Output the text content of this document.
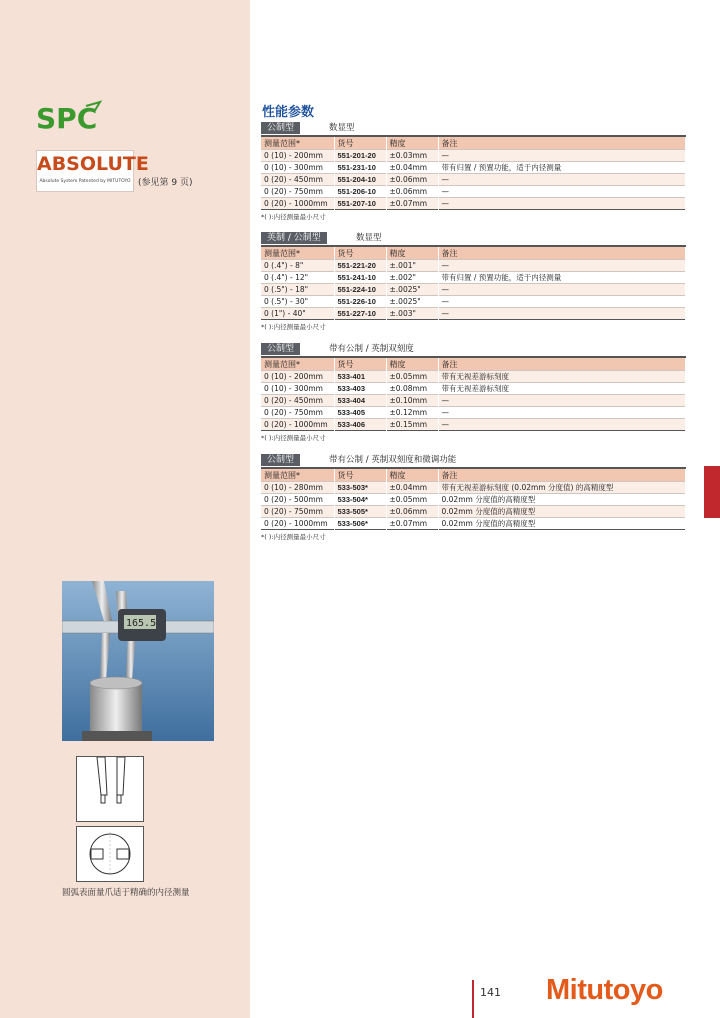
SPC
ABSOLUTE
Absolute System Patented by MITUTOYO (参见第 9 页)
165.5
圆弧表面量爪适于精确的内径测量
性能参数
公制型	数显型
测量范围*	货号	精度	备注
0 (10) - 200mm	551-201-20	±0.03mm	—
0 (10) - 300mm	551-231-10	±0.04mm	带有归置 / 预置功能，适于内径测量
0 (20) - 450mm	551-204-10	±0.06mm	—
0 (20) - 750mm	551-206-10	±0.06mm	—
0 (20) - 1000mm	551-207-10	±0.07mm	—
*( ):内径测量最小尺寸
英制 / 公制型	数显型
测量范围*	货号	精度	备注
0 (.4") - 8"	551-221-20	±.001"	—
0 (.4") - 12"	551-241-10	±.002"	带有归置 / 预置功能，适于内径测量
0 (.5") - 18"	551-224-10	±.0025"	—
0 (.5") - 30"	551-226-10	±.0025"	—
0 (1") - 40"	551-227-10	±.003"	—
*( ):内径测量最小尺寸
公制型	带有公制 / 英制双刻度
测量范围*	货号	精度	备注
0 (10) - 200mm	533-401	±0.05mm	带有无视差游标刻度
0 (10) - 300mm	533-403	±0.08mm	带有无视差游标刻度
0 (20) - 450mm	533-404	±0.10mm	—
0 (20) - 750mm	533-405	±0.12mm	—
0 (20) - 1000mm	533-406	±0.15mm	—
*( ):内径测量最小尺寸
公制型	带有公制 / 英制双刻度和微调功能
测量范围*	货号	精度	备注
0 (10) - 280mm	533-503*	±0.04mm	带有无视差游标刻度 (0.02mm 分度值) 的高精度型
0 (20) - 500mm	533-504*	±0.05mm	0.02mm 分度值的高精度型
0 (20) - 750mm	533-505*	±0.06mm	0.02mm 分度值的高精度型
0 (20) - 1000mm	533-506*	±0.07mm	0.02mm 分度值的高精度型
*( ):内径测量最小尺寸
141 Mitutoyo
